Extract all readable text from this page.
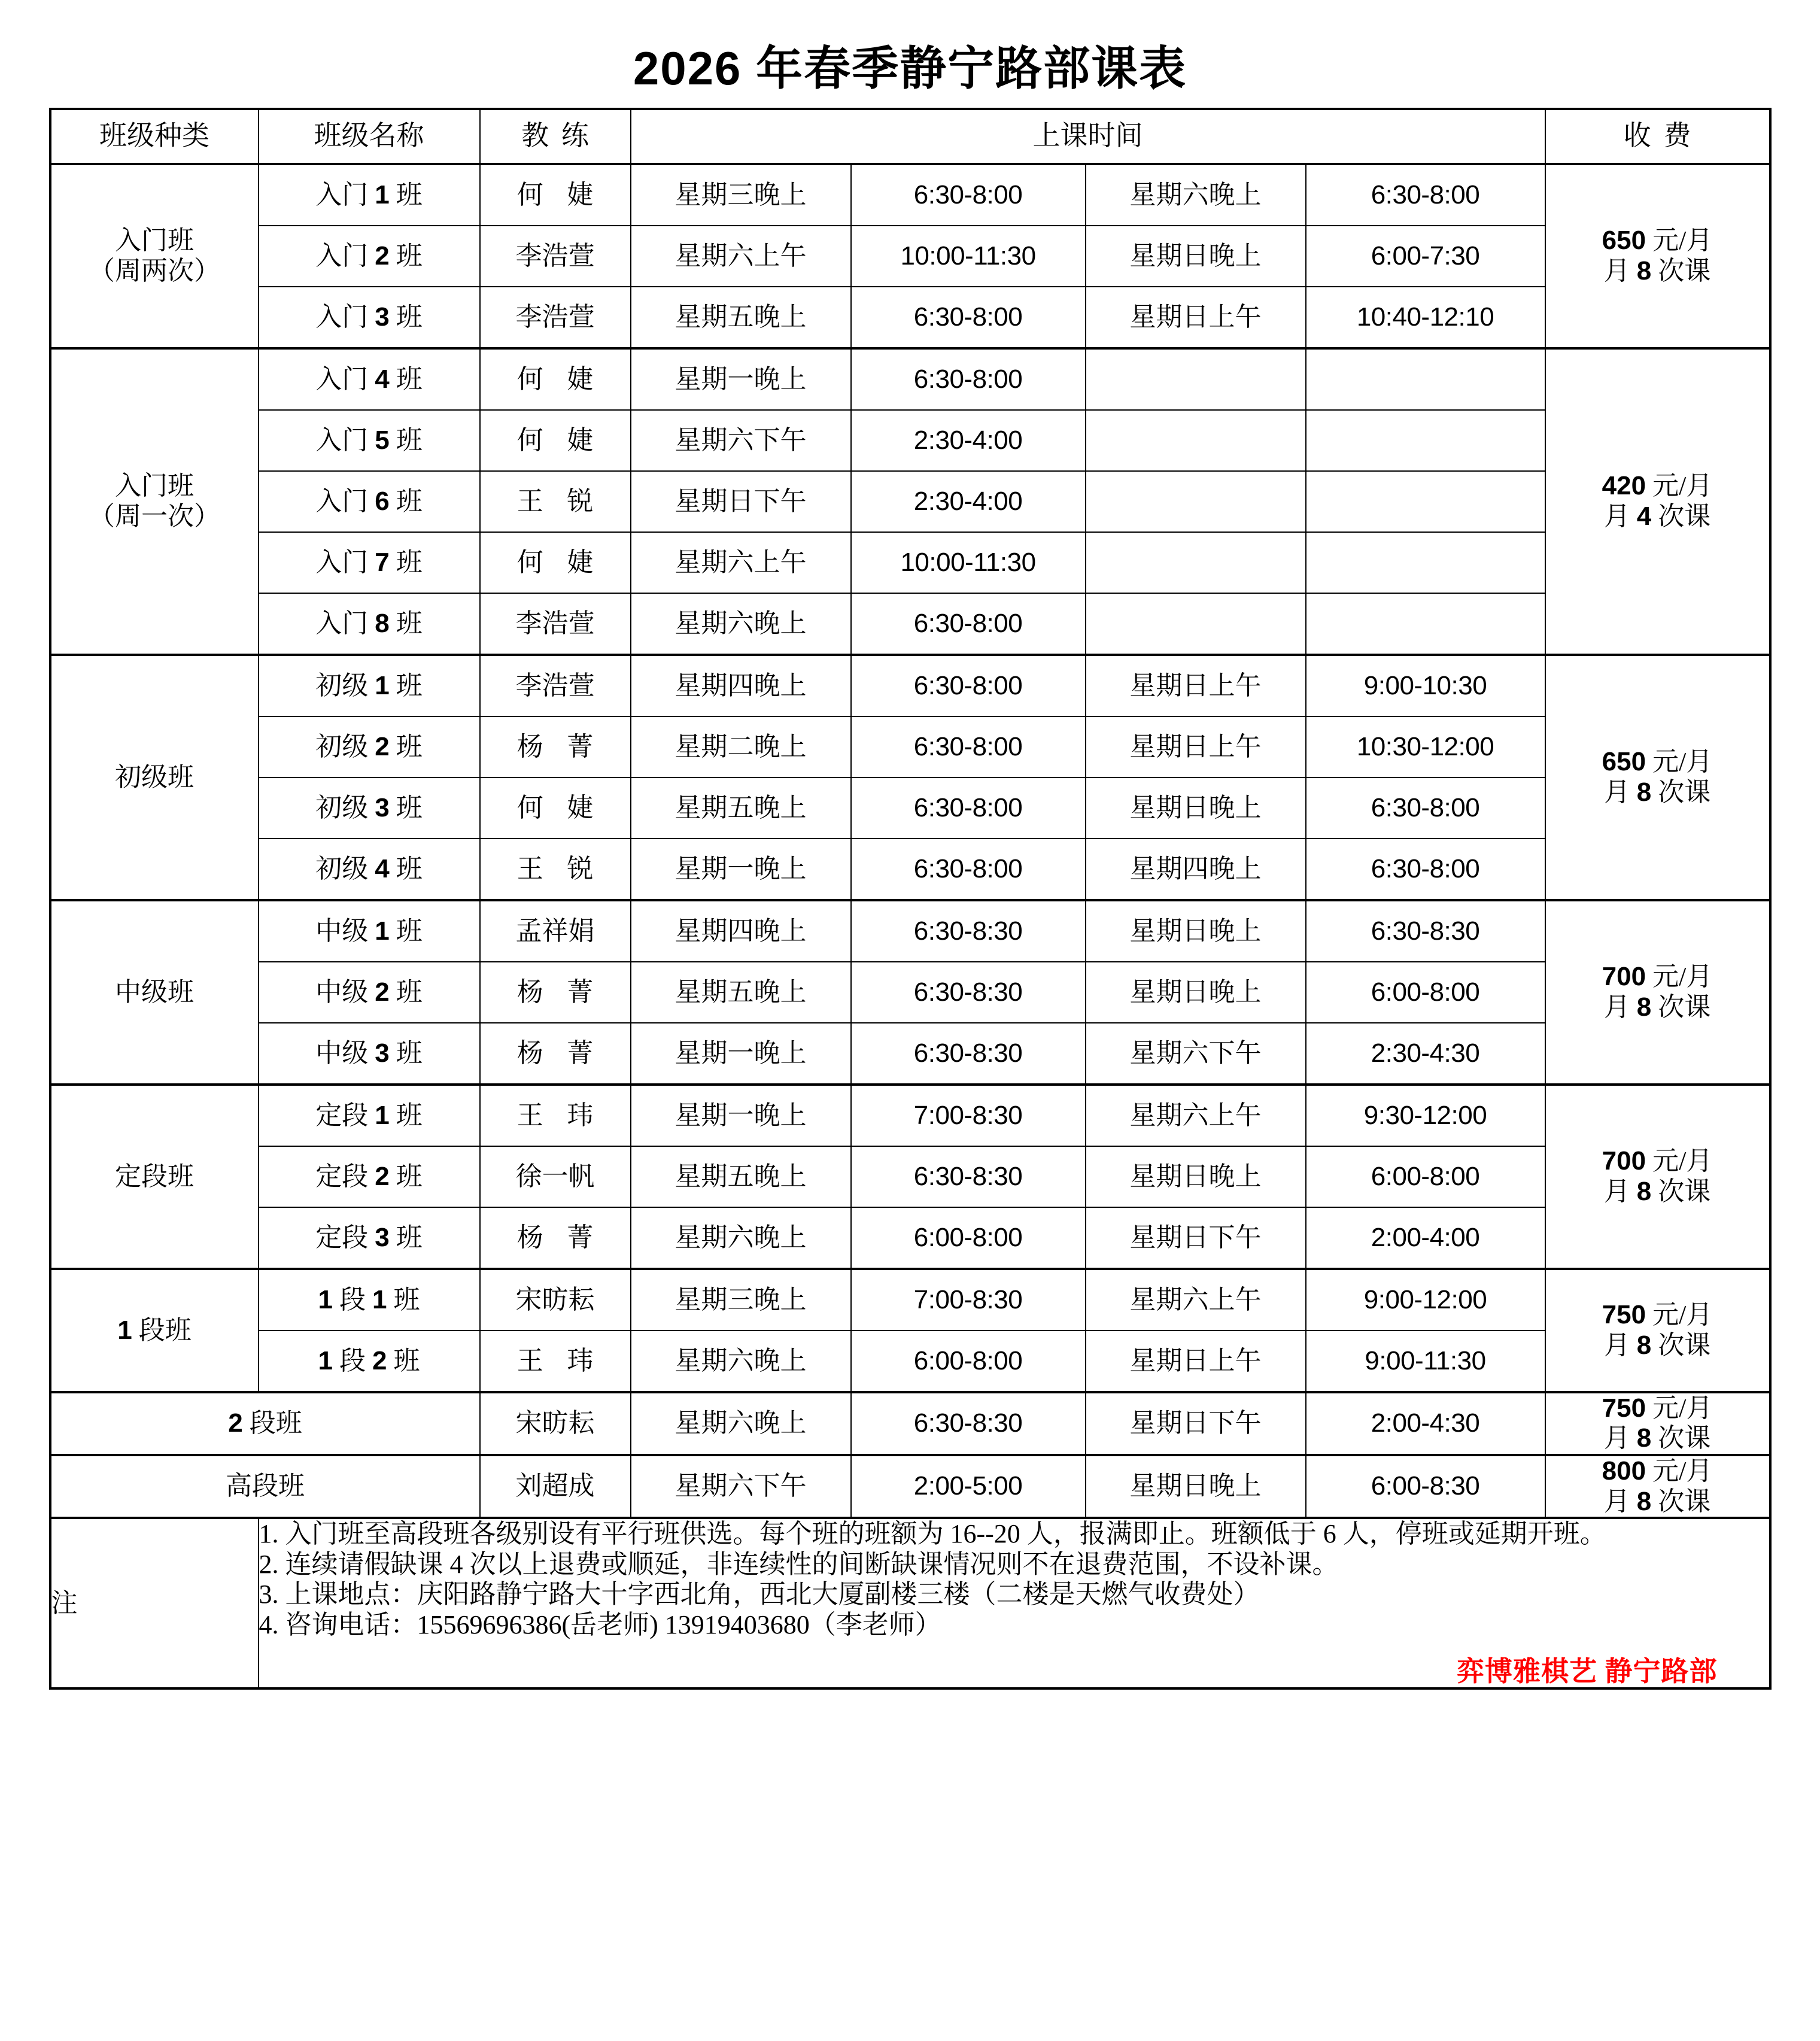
2026 年春季静宁路部课表
班级种类	班级名称	教练	上课时间				收费
入门班
（周两次）	入门 1 班	何婕	星期三晚上	6:30-8:00	星期六晚上	6:30-8:00	650 元/月
月 8 次课
	入门 2 班	李浩萱	星期六上午	10:00-11:30	星期日晚上	6:00-7:30	
	入门 3 班	李浩萱	星期五晚上	6:30-8:00	星期日上午	10:40-12:10	
入门班
（周一次）	入门 4 班	何婕	星期一晚上	6:30-8:00			420 元/月
月 4 次课
	入门 5 班	何婕	星期六下午	2:30-4:00			
	入门 6 班	王锐	星期日下午	2:30-4:00			
	入门 7 班	何婕	星期六上午	10:00-11:30			
	入门 8 班	李浩萱	星期六晚上	6:30-8:00			
初级班	初级 1 班	李浩萱	星期四晚上	6:30-8:00	星期日上午	9:00-10:30	650 元/月
月 8 次课
	初级 2 班	杨菁	星期二晚上	6:30-8:00	星期日上午	10:30-12:00	
	初级 3 班	何婕	星期五晚上	6:30-8:00	星期日晚上	6:30-8:00	
	初级 4 班	王锐	星期一晚上	6:30-8:00	星期四晚上	6:30-8:00	
中级班	中级 1 班	孟祥娟	星期四晚上	6:30-8:30	星期日晚上	6:30-8:30	700 元/月
月 8 次课
	中级 2 班	杨菁	星期五晚上	6:30-8:30	星期日晚上	6:00-8:00	
	中级 3 班	杨菁	星期一晚上	6:30-8:30	星期六下午	2:30-4:30	
定段班	定段 1 班	王玮	星期一晚上	7:00-8:30	星期六上午	9:30-12:00	700 元/月
月 8 次课
	定段 2 班	徐一帆	星期五晚上	6:30-8:30	星期日晚上	6:00-8:00	
	定段 3 班	杨菁	星期六晚上	6:00-8:00	星期日下午	2:00-4:00	
1 段班	1 段 1 班	宋昉耘	星期三晚上	7:00-8:30	星期六上午	9:00-12:00	750 元/月
月 8 次课
	1 段 2 班	王玮	星期六晚上	6:00-8:00	星期日上午	9:00-11:30	
2 段班		宋昉耘	星期六晚上	6:30-8:30	星期日下午	2:00-4:30	750 元/月
月 8 次课
高段班		刘超成	星期六下午	2:00-5:00	星期日晚上	6:00-8:30	800 元/月
月 8 次课
注	1. 入门班至高段班各级别设有平行班供选。每个班的班额为 16--20 人，报满即止。班额低于 6 人，停班或延期开班。
2. 连续请假缺课 4 次以上退费或顺延，非连续性的间断缺课情况则不在退费范围，不设补课。
3. 上课地点：庆阳路静宁路大十字西北角，西北大厦副楼三楼（二楼是天燃气收费处）
4. 咨询电话：15569696386(岳老师) 13919403680（李老师）
弈博雅棋艺 静宁路部						
